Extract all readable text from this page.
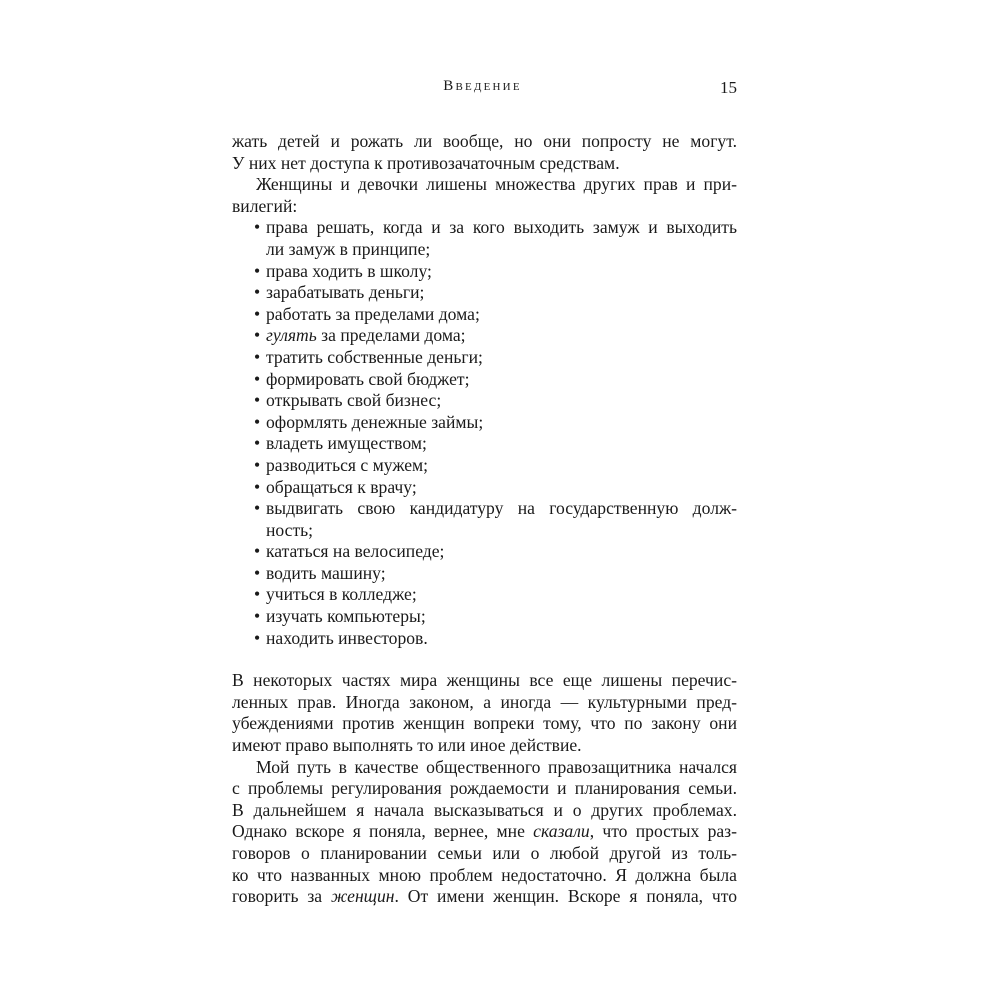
Введение	15
жать детей и рожать ли вообще, но они попросту не могут.
У них нет доступа к противозачаточным средствам.
Женщины и девочки лишены множества других прав и при-
вилегий:
• права решать, когда и за кого выходить замуж и выходить
ли замуж в принципе;
• права ходить в школу;
• зарабатывать деньги;
• работать за пределами дома;
• гулять за пределами дома;
• тратить собственные деньги;
• формировать свой бюджет;
• открывать свой бизнес;
• оформлять денежные займы;
• владеть имуществом;
• разводиться с мужем;
• обращаться к врачу;
• выдвигать свою кандидатуру на государственную долж-
ность;
• кататься на велосипеде;
• водить машину;
• учиться в колледже;
• изучать компьютеры;
• находить инвесторов.
В некоторых частях мира женщины все еще лишены перечис-
ленных прав. Иногда законом, а иногда — культурными пред-
убеждениями против женщин вопреки тому, что по закону они
имеют право выполнять то или иное действие.
Мой путь в качестве общественного правозащитника начался
с проблемы регулирования рождаемости и планирования семьи.
В дальнейшем я начала высказываться и о других проблемах.
Однако вскоре я поняла, вернее, мне сказали, что простых раз-
говоров о планировании семьи или о любой другой из толь-
ко что названных мною проблем недостаточно. Я должна была
говорить за женщин. От имени женщин. Вскоре я поняла, что
